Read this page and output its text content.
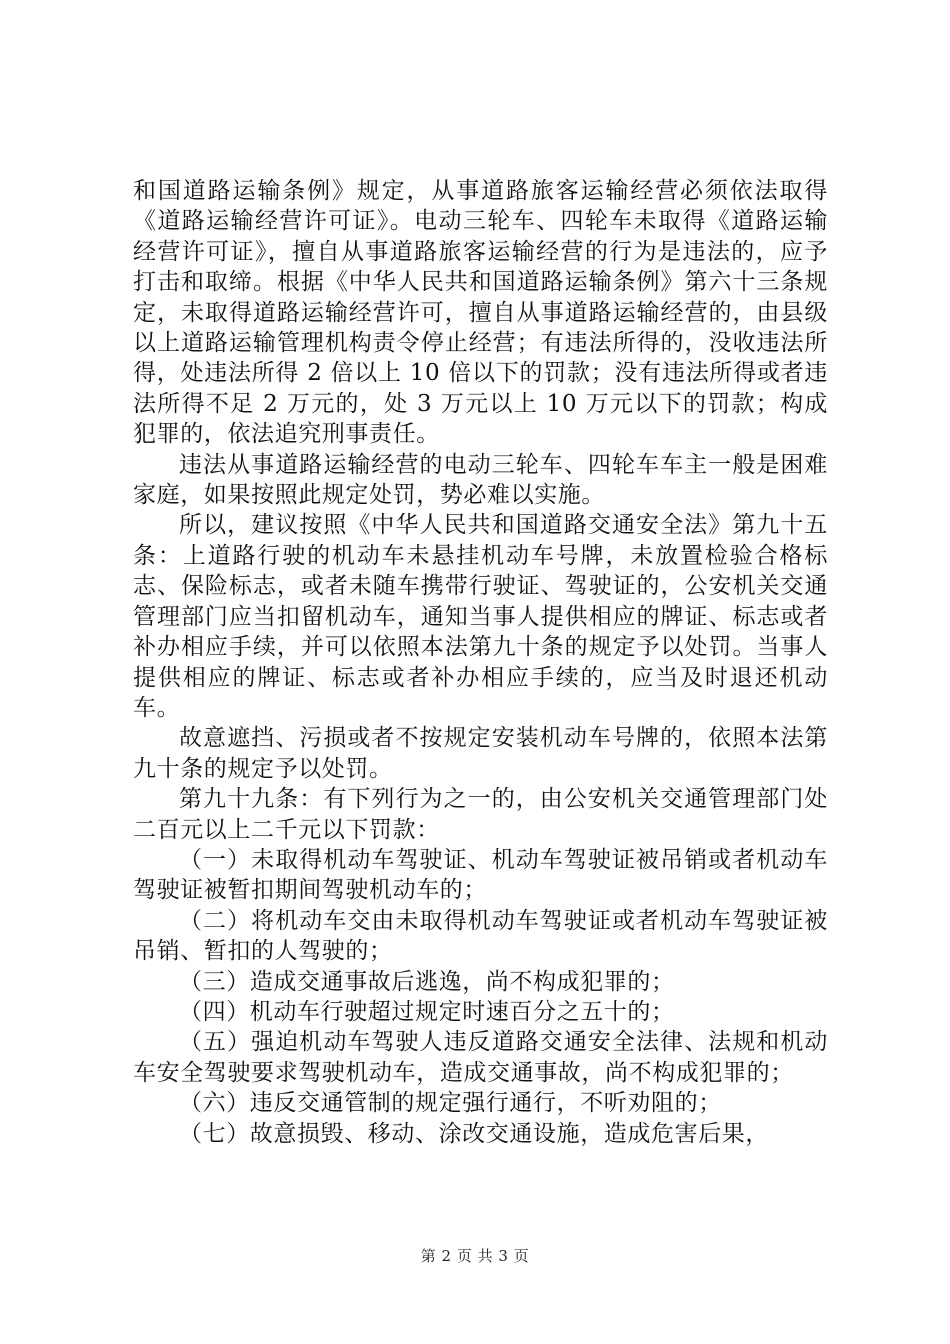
和国道路运输条例》规定，从事道路旅客运输经营必须依法取得《道路运输经营许可证》。电动三轮车、四轮车未取得《道路运输经营许可证》，擅自从事道路旅客运输经营的行为是违法的，应予打击和取缔。根据《中华人民共和国道路运输条例》第六十三条规定，未取得道路运输经营许可，擅自从事道路运输经营的，由县级以上道路运输管理机构责令停止经营；有违法所得的，没收违法所得，处违法所得 2 倍以上 10 倍以下的罚款；没有违法所得或者违法所得不足 2 万元的，处 3 万元以上 10 万元以下的罚款；构成犯罪的，依法追究刑事责任。

违法从事道路运输经营的电动三轮车、四轮车车主一般是困难家庭，如果按照此规定处罚，势必难以实施。

所以，建议按照《中华人民共和国道路交通安全法》第九十五条：上道路行驶的机动车未悬挂机动车号牌，未放置检验合格标志、保险标志，或者未随车携带行驶证、驾驶证的，公安机关交通管理部门应当扣留机动车，通知当事人提供相应的牌证、标志或者补办相应手续，并可以依照本法第九十条的规定予以处罚。当事人提供相应的牌证、标志或者补办相应手续的，应当及时退还机动车。

故意遮挡、污损或者不按规定安装机动车号牌的，依照本法第九十条的规定予以处罚。

第九十九条：有下列行为之一的，由公安机关交通管理部门处二百元以上二千元以下罚款：

（一）未取得机动车驾驶证、机动车驾驶证被吊销或者机动车驾驶证被暂扣期间驾驶机动车的；

（二）将机动车交由未取得机动车驾驶证或者机动车驾驶证被吊销、暂扣的人驾驶的；

（三）造成交通事故后逃逸，尚不构成犯罪的；

（四）机动车行驶超过规定时速百分之五十的；

（五）强迫机动车驾驶人违反道路交通安全法律、法规和机动车安全驾驶要求驾驶机动车，造成交通事故，尚不构成犯罪的；

（六）违反交通管制的规定强行通行，不听劝阻的；

（七）故意损毁、移动、涂改交通设施，造成危害后果，

第 2 页 共 3 页
